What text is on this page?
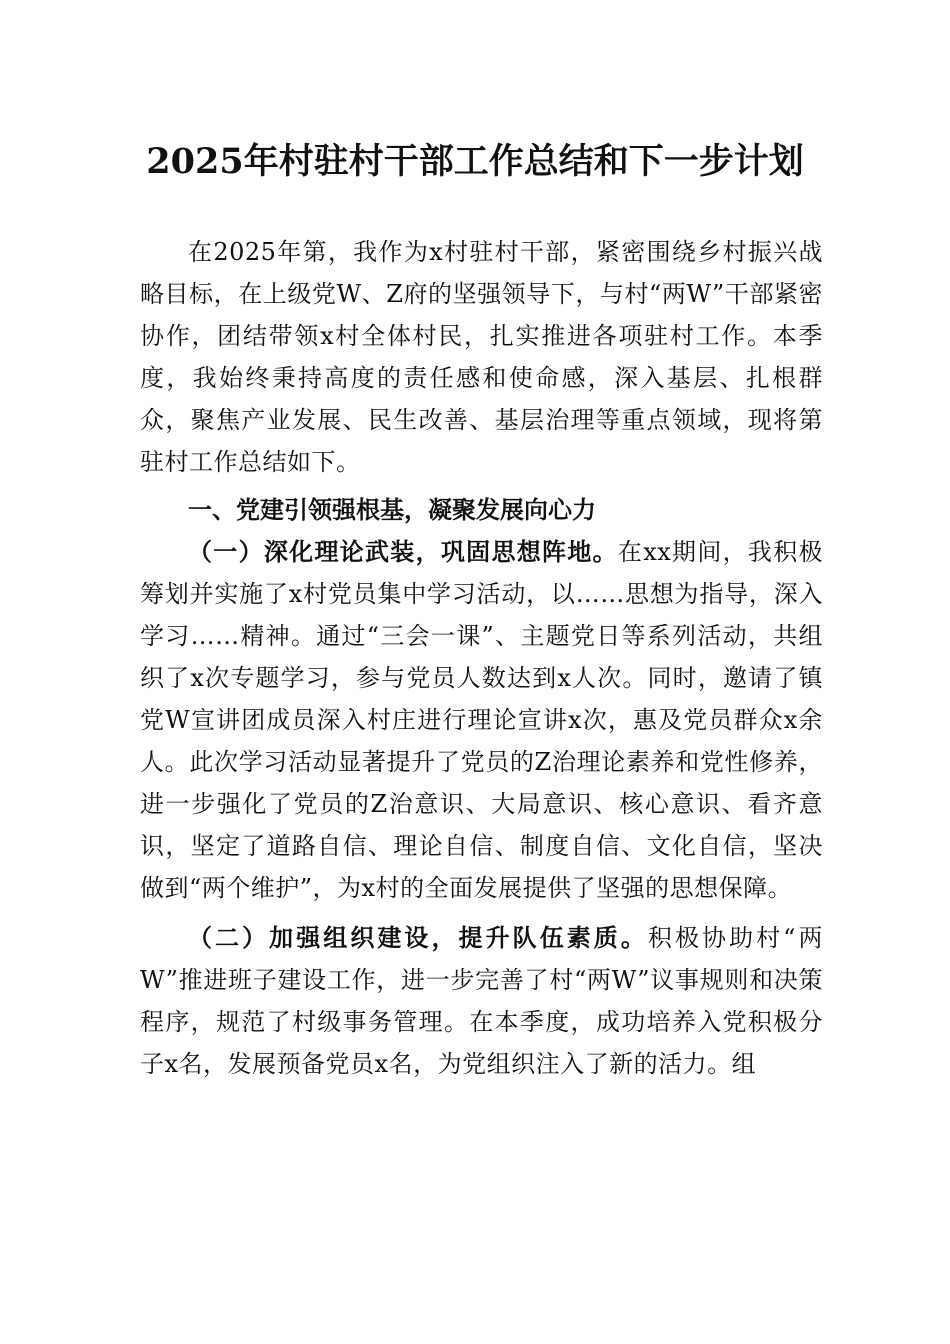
2025年村驻村干部工作总结和下一步计划

在2025年第，我作为x村驻村干部，紧密围绕乡村振兴战略目标，在上级党W、Z府的坚强领导下，与村“两W”干部紧密协作，团结带领x村全体村民，扎实推进各项驻村工作。本季度，我始终秉持高度的责任感和使命感，深入基层、扎根群众，聚焦产业发展、民生改善、基层治理等重点领域，现将第驻村工作总结如下。

一、党建引领强根基，凝聚发展向心力

（一）深化理论武装，巩固思想阵地。在xx期间，我积极筹划并实施了x村党员集中学习活动，以……思想为指导，深入学习……精神。通过“三会一课”、主题党日等系列活动，共组织了x次专题学习，参与党员人数达到x人次。同时，邀请了镇党W宣讲团成员深入村庄进行理论宣讲x次，惠及党员群众x余人。此次学习活动显著提升了党员的Z治理论素养和党性修养，进一步强化了党员的Z治意识、大局意识、核心意识、看齐意识，坚定了道路自信、理论自信、制度自信、文化自信，坚决做到“两个维护”，为x村的全面发展提供了坚强的思想保障。

（二）加强组织建设，提升队伍素质。积极协助村“两W”推进班子建设工作，进一步完善了村“两W”议事规则和决策程序，规范了村级事务管理。在本季度，成功培养入党积极分子x名，发展预备党员x名，为党组织注入了新的活力。组
